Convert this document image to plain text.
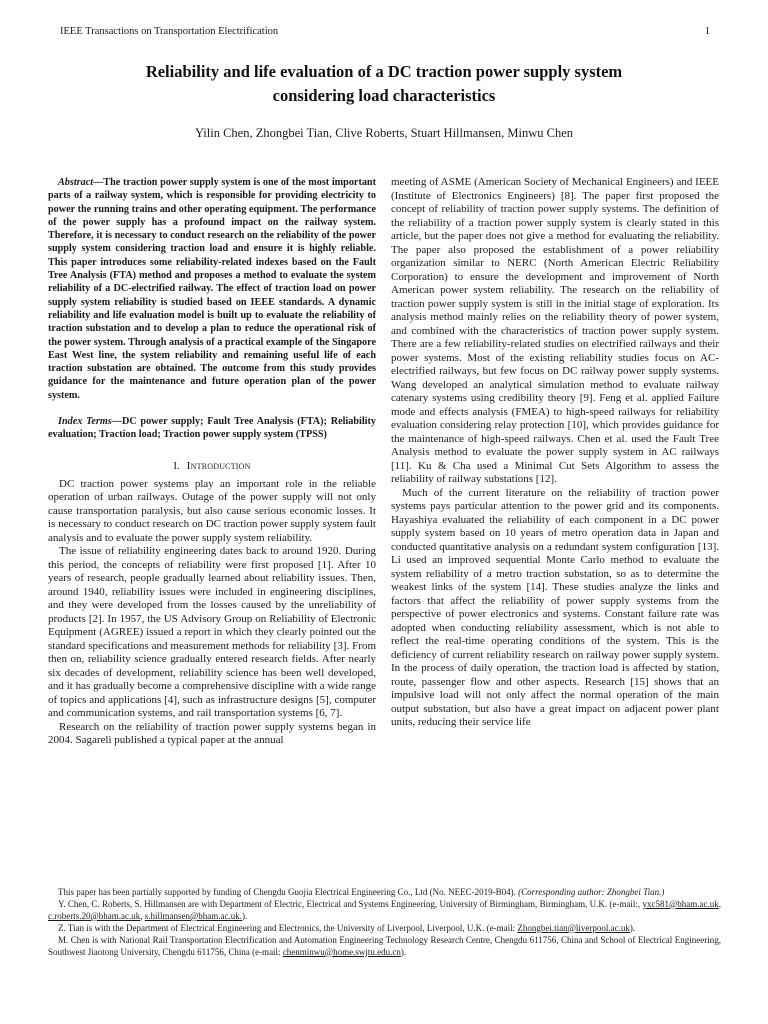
IEEE Transactions on Transportation Electrification	1
Reliability and life evaluation of a DC traction power supply system considering load characteristics
Yilin Chen, Zhongbei Tian, Clive Roberts, Stuart Hillmansen, Minwu Chen

Abstract—The traction power supply system is one of the most important parts of a railway system, which is responsible for providing electricity to power the running trains and other operating equipment. The performance of the power supply has a profound impact on the railway system. Therefore, it is necessary to conduct research on the reliability of the power supply system considering traction load and ensure it is highly reliable. This paper introduces some reliability-related indexes based on the Fault Tree Analysis (FTA) method and proposes a method to evaluate the system reliability of a DC-electrified railway. The effect of traction load on power supply system reliability is studied based on IEEE standards. A dynamic reliability and life evaluation model is built up to evaluate the reliability of traction substation and to develop a plan to reduce the operational risk of the power system. Through analysis of a practical example of the Singapore East West line, the system reliability and remaining useful life of each traction substation are obtained. The outcome from this study provides guidance for the maintenance and future operation plan of the power system.

Index Terms—DC power supply; Fault Tree Analysis (FTA); Reliability evaluation; Traction load; Traction power supply system (TPSS)

I. Introduction

DC traction power systems play an important role in the reliable operation of urban railways. Outage of the power supply will not only cause transportation paralysis, but also cause serious economic losses. It is necessary to conduct research on DC traction power supply system fault analysis and to evaluate the power supply system reliability.

The issue of reliability engineering dates back to around 1920. During this period, the concepts of reliability were first proposed [1]. After 10 years of research, people gradually learned about reliability issues. Then, around 1940, reliability issues were included in engineering disciplines, and they were developed from the losses caused by the unreliability of products [2]. In 1957, the US Advisory Group on Reliability of Electronic Equipment (AGREE) issued a report in which they clearly pointed out the standard specifications and measurement methods for reliability [3]. From then on, reliability science gradually entered research fields. After nearly six decades of development, reliability science has been well developed, and it has gradually become a comprehensive discipline with a wide range of topics and applications [4], such as infrastructure designs [5], computer and communication systems, and rail transportation systems [6, 7].

Research on the reliability of traction power supply systems began in 2004. Sagareli published a typical paper at the annual

meeting of ASME (American Society of Mechanical Engineers) and IEEE (Institute of Electronics Engineers) [8]. The paper first proposed the concept of reliability of traction power supply systems. The definition of the reliability of a traction power supply system is clearly stated in this article, but the paper does not give a method for evaluating the reliability. The paper also proposed the establishment of a power reliability organization similar to NERC (North American Electric Reliability Corporation) to ensure the development and improvement of North American power system reliability. The research on the reliability of traction power supply system is still in the initial stage of exploration. Its analysis method mainly relies on the reliability theory of power system, and combined with the characteristics of traction power supply system. There are a few reliability-related studies on electrified railways and their power systems. Most of the existing reliability studies focus on AC-electrified railways, but few focus on DC railway power supply systems. Wang developed an analytical simulation method to evaluate railway catenary systems using credibility theory [9]. Feng et al. applied Failure mode and effects analysis (FMEA) to high-speed railways for reliability evaluation considering relay protection [10], which provides guidance for the maintenance of high-speed railways. Chen et al. used the Fault Tree Analysis method to evaluate the power supply system in AC railways [11]. Ku & Cha used a Minimal Cut Sets Algorithm to assess the reliability of railway substations [12].

Much of the current literature on the reliability of traction power systems pays particular attention to the power grid and its components. Hayashiya evaluated the reliability of each component in a DC power supply system based on 10 years of metro operation data in Japan and conducted quantitative analysis on a redundant system configuration [13]. Li used an improved sequential Monte Carlo method to evaluate the system reliability of a metro traction substation, so as to determine the weakest links of the system [14]. These studies analyze the links and factors that affect the reliability of power supply systems from the perspective of power electronics and systems. Constant failure rate was adopted when conducting reliability assessment, which is not able to reflect the real-time operating conditions of the system. This is the deficiency of current reliability research on railway power supply system. In the process of daily operation, the traction load is affected by station, route, passenger flow and other aspects. Research [15] shows that an impulsive load will not only affect the normal operation of the main output substation, but also have a great impact on adjacent power plant units, reducing their service life

This paper has been partially supported by funding of Chengdu Guojia Electrical Engineering Co., Ltd (No. NEEC-2019-B04). (Corresponding author: Zhongbei Tian.)

Y. Chen, C. Roberts, S. Hillmansen are with Department of Electric, Electrical and Systems Engineering, University of Birmingham, Birmingham, U.K. (e-mail:, yxc581@bham.ac.uk, c.roberts.20@bham.ac.uk, s.hillmansen@bham.ac.uk.).

Z. Tian is with the Department of Electrical Engineering and Electronics, the University of Liverpool, Liverpool, U.K. (e-mail: Zhongbei.tian@liverpool.ac.uk).

M. Chen is with National Rail Transportation Electrification and Automation Engineering Technology Research Centre, Chengdu 611756, China and School of Electrical Engineering, Southwest Jiaotong University, Chengdu 611756, China (e-mail: chenminwu@home.swjtu.edu.cn).
